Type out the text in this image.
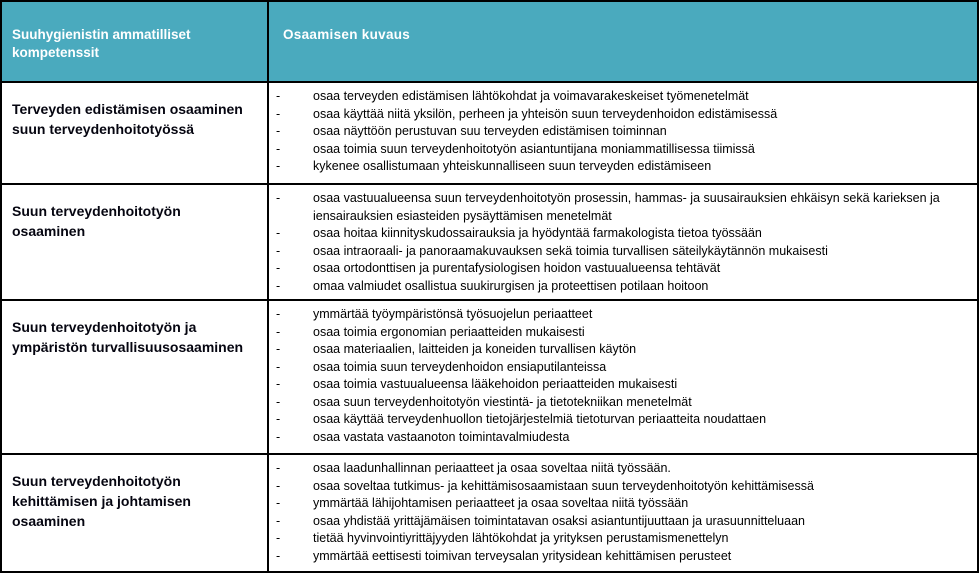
Suuhygienistin ammatilliset kompetenssit
Osaamisen kuvaus
Terveyden edistämisen osaaminen suun terveydenhoitotyössä
-	osaa terveyden edistämisen lähtökohdat ja voimavarakeskeiset työmenetelmät
-	osaa käyttää niitä yksilön, perheen ja yhteisön suun terveydenhoidon edistämisessä
-	osaa näyttöön perustuvan suu terveyden edistämisen toiminnan
-	osaa toimia suun terveydenhoitotyön asiantuntijana moniammatillisessa tiimissä
-	kykenee osallistumaan yhteiskunnalliseen suun terveyden edistämiseen
Suun terveydenhoitotyön osaaminen
-	osaa vastuualueensa suun terveydenhoitotyön prosessin, hammas- ja suusairauksien ehkäisyn sekä karieksen ja iensairauksien esiasteiden pysäyttämisen menetelmät
-	osaa hoitaa kiinnityskudossairauksia ja hyödyntää farmakologista tietoa työssään
-	osaa intraoraali- ja panoraamakuvauksen sekä toimia turvallisen säteilykäytännön mukaisesti
-	osaa ortodonttisen ja purentafysiologisen hoidon vastuualueensa tehtävät
-	omaa valmiudet osallistua suukirurgisen ja proteettisen potilaan hoitoon
Suun terveydenhoitotyön ja ympäristön turvallisuusosaaminen
-	ymmärtää työympäristönsä työsuojelun periaatteet
-	osaa toimia ergonomian periaatteiden mukaisesti
-	osaa materiaalien, laitteiden ja koneiden turvallisen käytön
-	osaa toimia suun terveydenhoidon ensiaputilanteissa
-	osaa toimia vastuualueensa lääkehoidon periaatteiden mukaisesti
-	osaa suun terveydenhoitotyön viestintä- ja tietotekniikan menetelmät
-	osaa käyttää terveydenhuollon tietojärjestelmiä tietoturvan periaatteita noudattaen
-	osaa vastata vastaanoton toimintavalmiudesta
Suun terveydenhoitotyön kehittämisen ja johtamisen osaaminen
-	osaa laadunhallinnan periaatteet ja osaa soveltaa niitä työssään.
-	osaa soveltaa tutkimus- ja kehittämisosaamistaan suun terveydenhoitotyön kehittämisessä
-	ymmärtää lähijohtamisen periaatteet ja osaa soveltaa niitä työssään
-	osaa yhdistää yrittäjämäisen toimintatavan osaksi asiantuntijuuttaan ja urasuunnitteluaan
-	tietää hyvinvointiyrittäjyyden lähtökohdat ja yrityksen perustamismenettelyn
-	ymmärtää eettisesti toimivan terveysalan yritysidean kehittämisen perusteet
